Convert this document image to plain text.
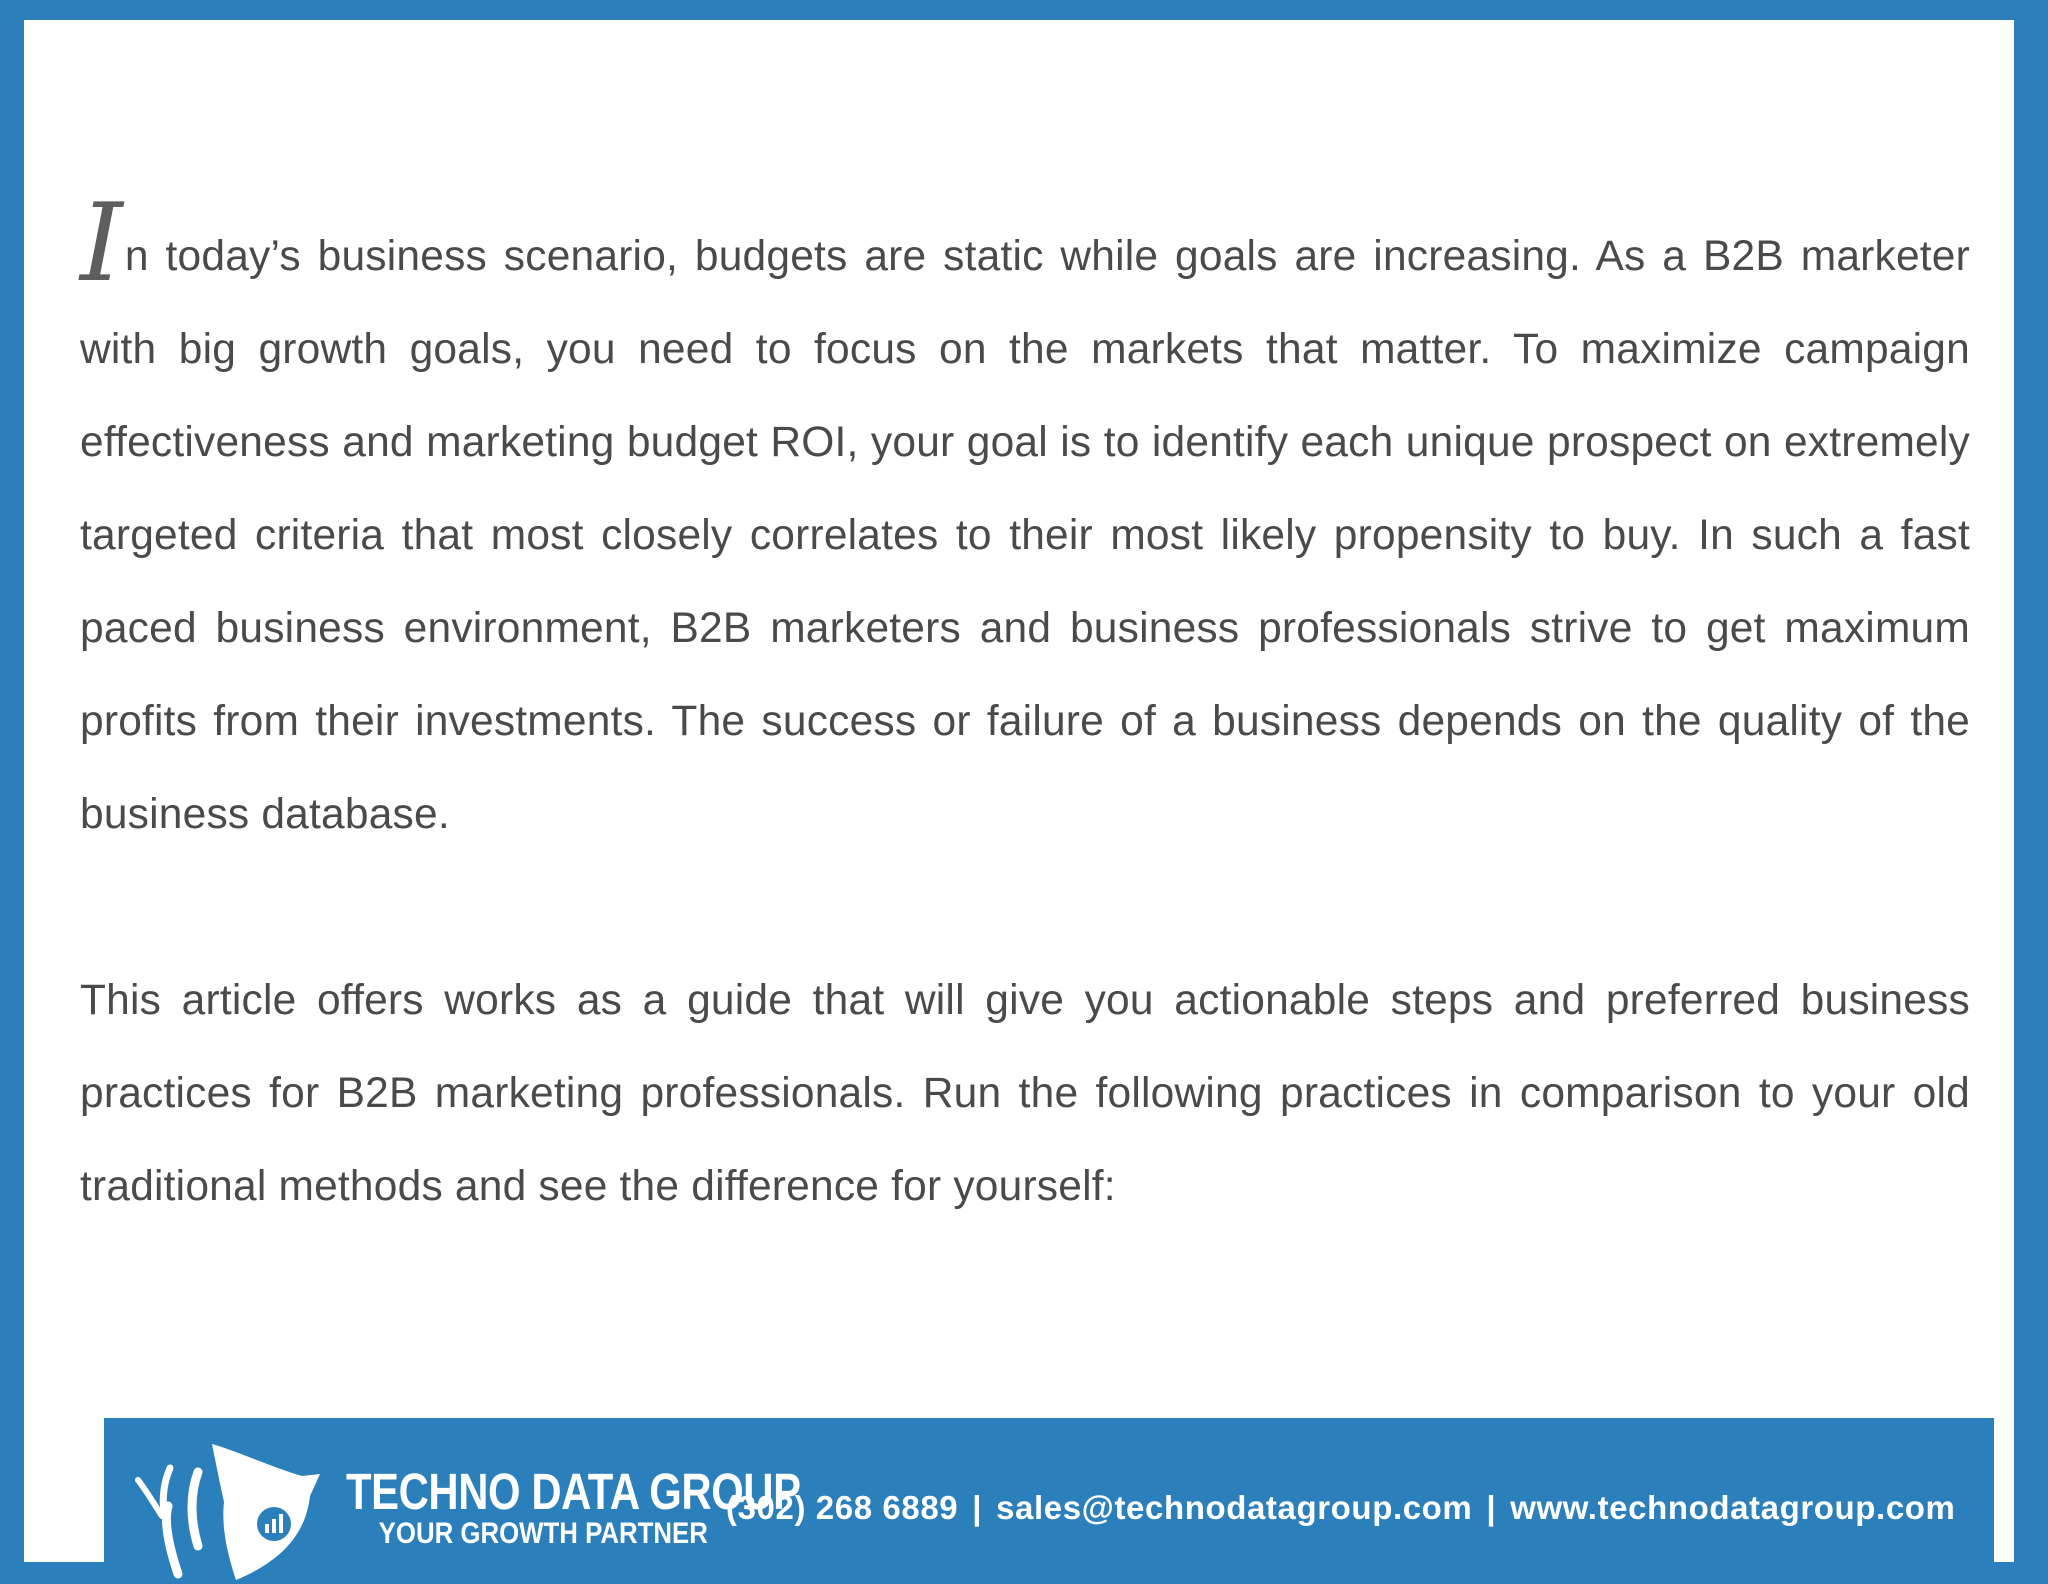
In today’s business scenario, budgets are static while goals are increasing. As a B2B marketer with big growth goals, you need to focus on the markets that matter. To maximize campaign effectiveness and marketing budget ROI, your goal is to identify each unique prospect on extremely targeted criteria that most closely correlates to their most likely propensity to buy. In such a fast paced business environment, B2B marketers and business professionals strive to get maximum profits from their investments. The success or failure of a business depends on the quality of the business database.

This article offers works as a guide that will give you actionable steps and preferred business practices for B2B marketing professionals. Run the following practices in comparison to your old traditional methods and see the difference for yourself:

TECHNO DATA GROUP
YOUR GROWTH PARTNER
(302) 268 6889 | sales@technodatagroup.com | www.technodatagroup.com
